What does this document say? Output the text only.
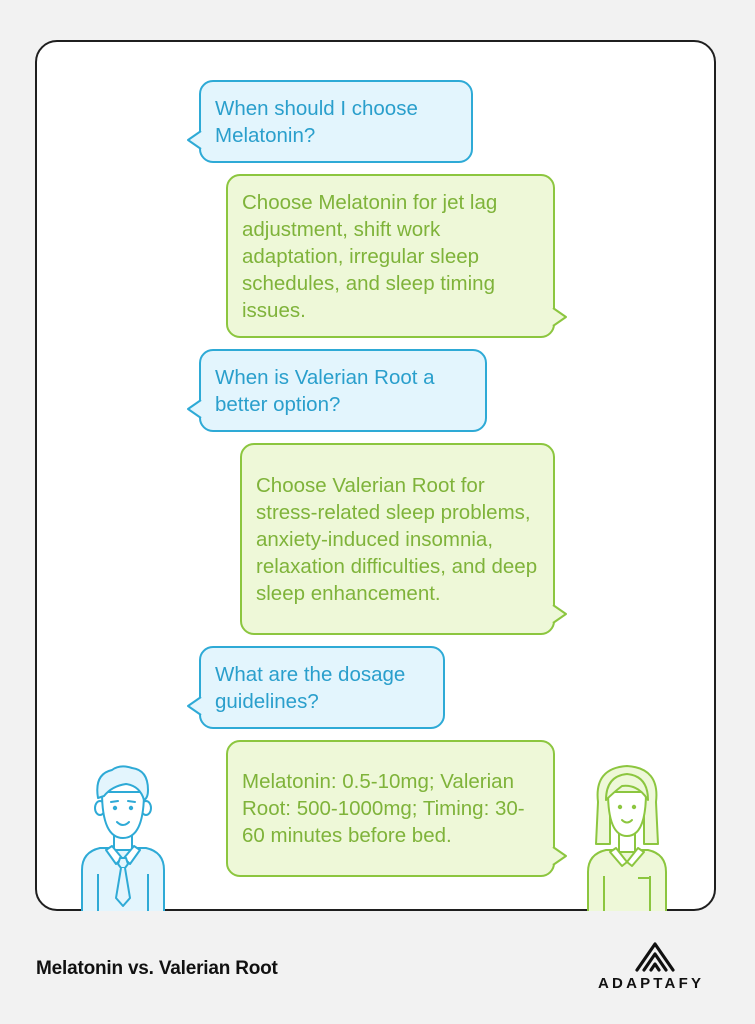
When should I choose Melatonin?
Choose Melatonin for jet lag adjustment, shift work adaptation, irregular sleep schedules, and sleep timing issues.
When is Valerian Root a better option?
Choose Valerian Root for stress-related sleep problems, anxiety-induced insomnia, relaxation difficulties, and deep sleep enhancement.
What are the dosage guidelines?
Melatonin: 0.5-10mg; Valerian Root: 500-1000mg; Timing: 30-60 minutes before bed.
Melatonin vs. Valerian Root
ADAPTAFY
